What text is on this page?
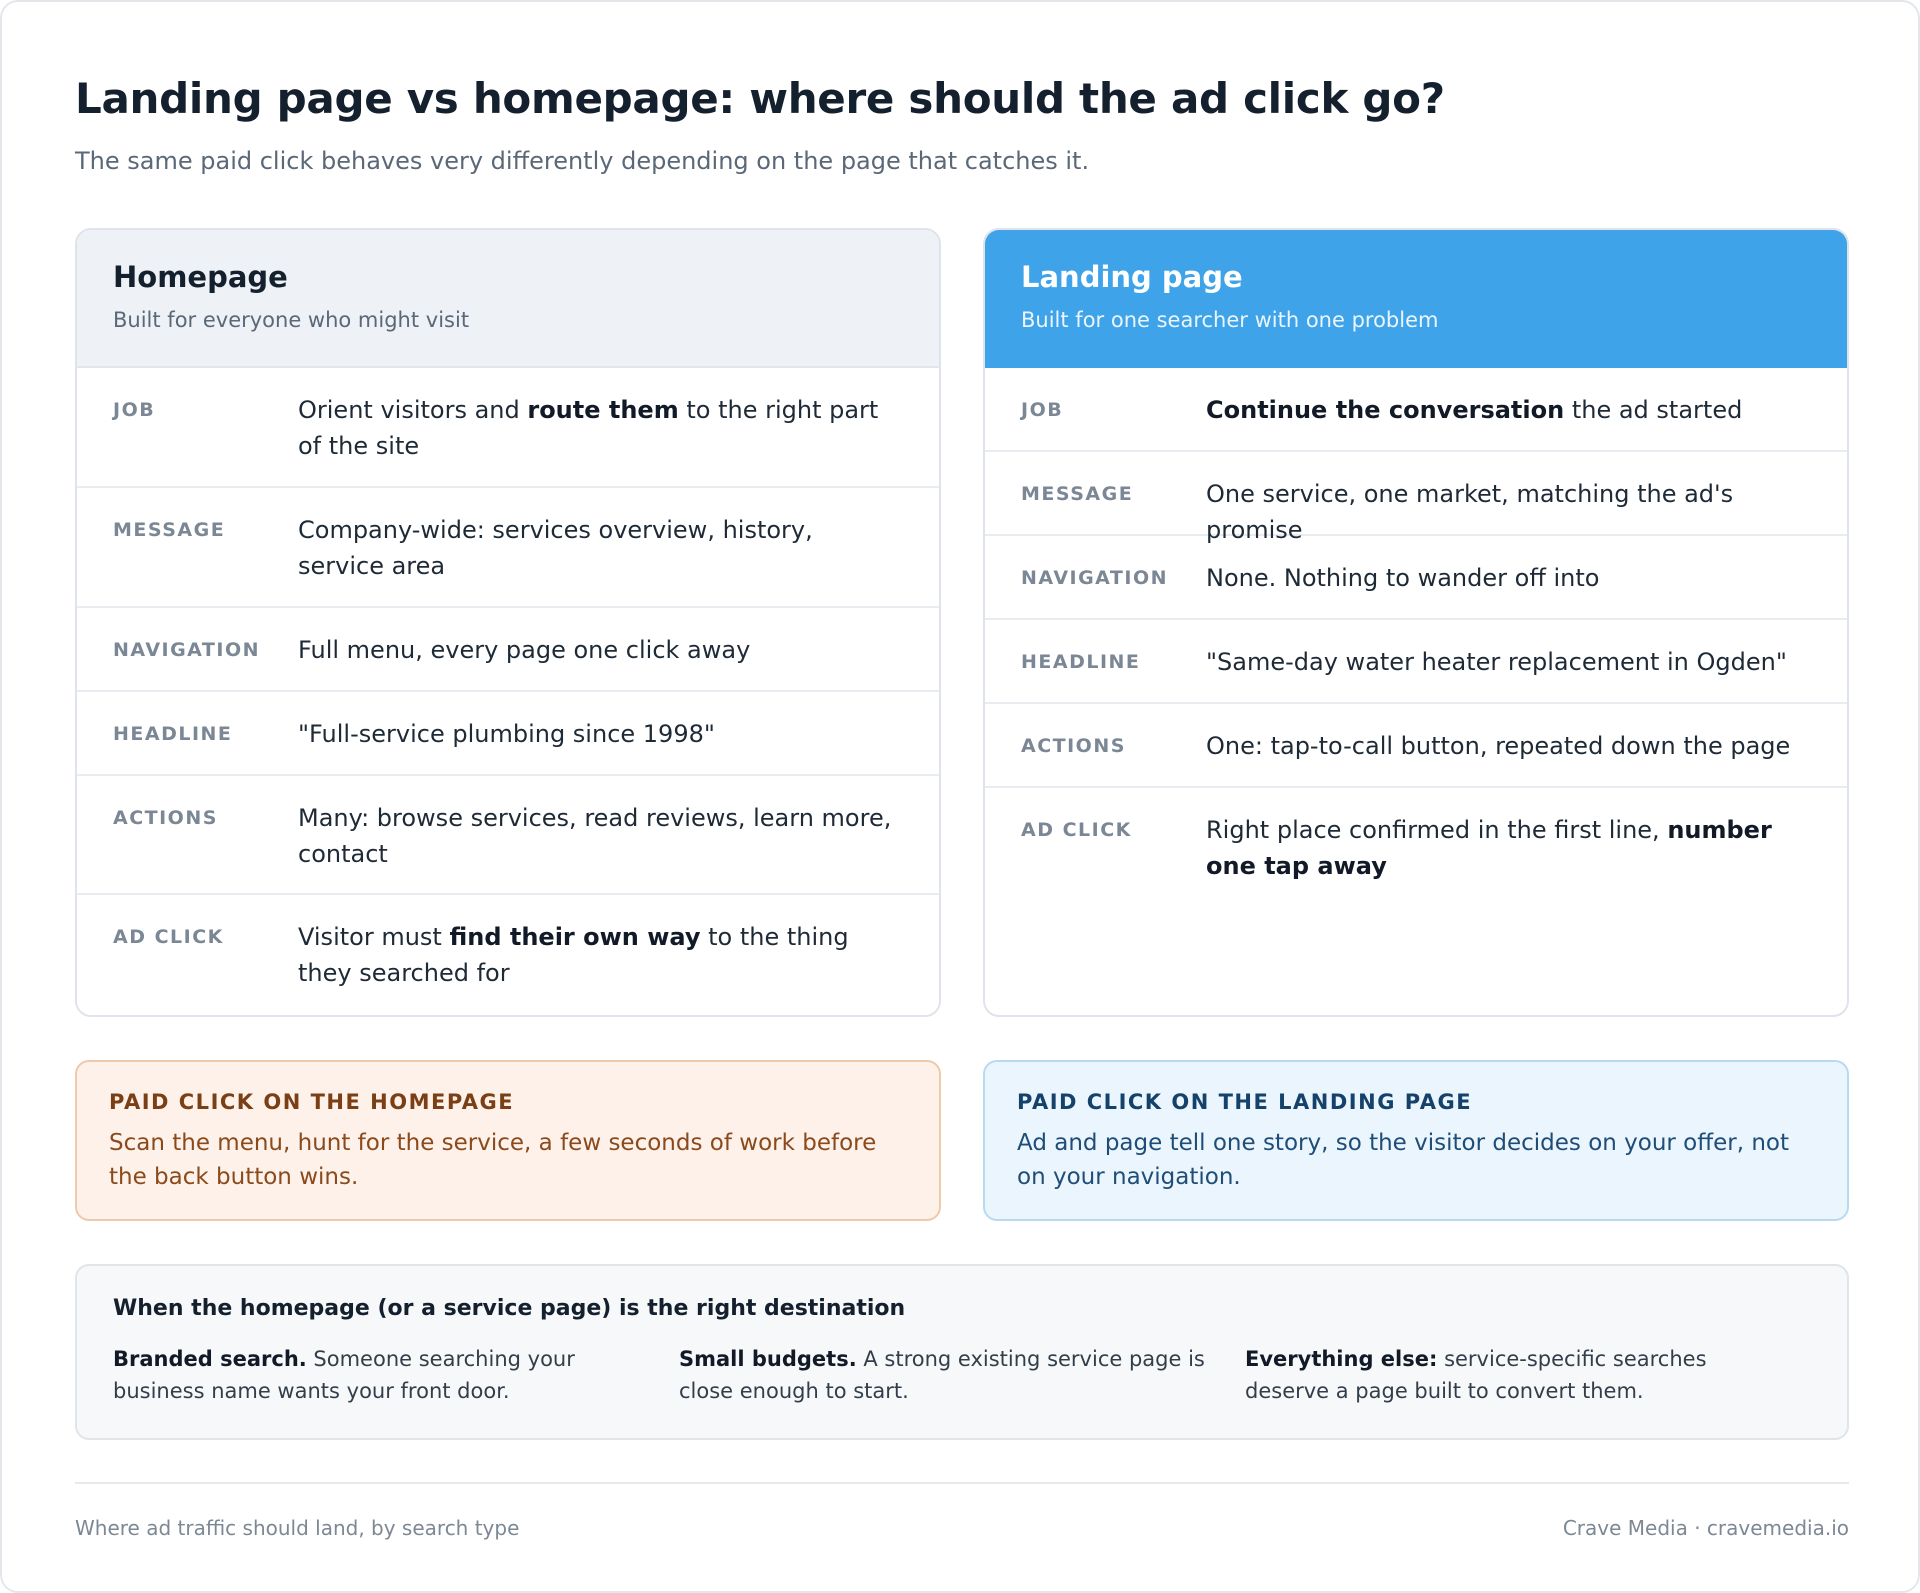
Landing page vs homepage: where should the ad click go?
The same paid click behaves very differently depending on the page that catches it.
Homepage
Built for everyone who might visit
JOB	Orient visitors and route them to the right part of the site
MESSAGE	Company-wide: services overview, history, service area
NAVIGATION	Full menu, every page one click away
HEADLINE	"Full-service plumbing since 1998"
ACTIONS	Many: browse services, read reviews, learn more, contact
AD CLICK	Visitor must find their own way to the thing they searched for
Landing page
Built for one searcher with one problem
JOB	Continue the conversation the ad started
MESSAGE	One service, one market, matching the ad's promise
NAVIGATION	None. Nothing to wander off into
HEADLINE	"Same-day water heater replacement in Ogden"
ACTIONS	One: tap-to-call button, repeated down the page
AD CLICK	Right place confirmed in the first line, number one tap away
PAID CLICK ON THE HOMEPAGE
Scan the menu, hunt for the service, a few seconds of work before the back button wins.
PAID CLICK ON THE LANDING PAGE
Ad and page tell one story, so the visitor decides on your offer, not on your navigation.
When the homepage (or a service page) is the right destination
Branded search. Someone searching your business name wants your front door.
Small budgets. A strong existing service page is close enough to start.
Everything else: service-specific searches deserve a page built to convert them.
Where ad traffic should land, by search type	Crave Media · cravemedia.io
